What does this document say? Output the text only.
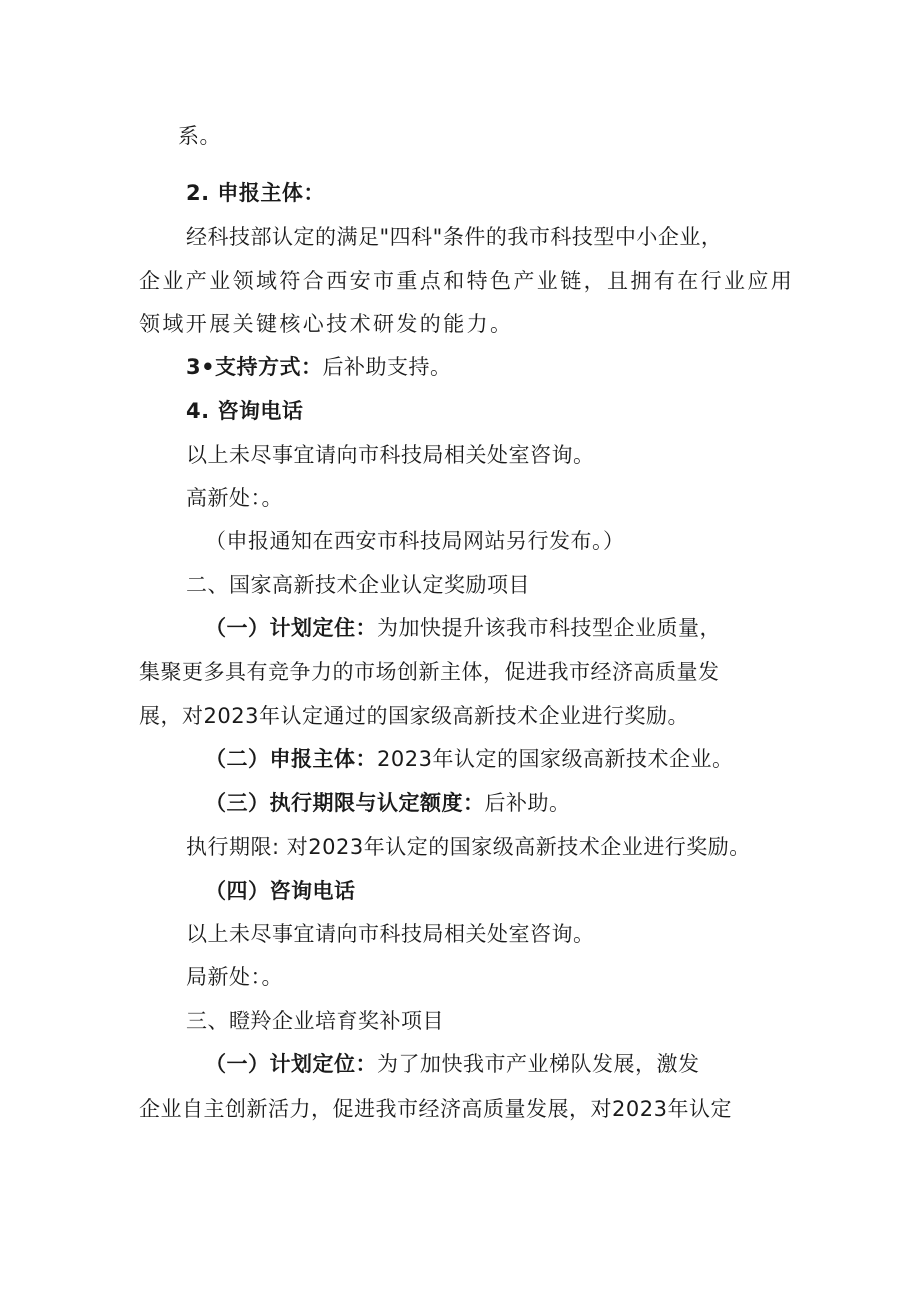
系。
2. 申报主体：
经科技部认定的满足"四科"条件的我市科技型中小企业，
企业产业领域符合西安市重点和特色产业链，且拥有在行业应用
领域开展关键核心技术研发的能力。
3•支持方式：后补助支持。
4. 咨询电话
以上未尽事宜请向市科技局相关处室咨询。
高新处：。
（申报通知在西安市科技局网站另行发布。）
二、国家高新技术企业认定奖励项目
（一）计划定住：为加快提升该我市科技型企业质量，
集聚更多具有竞争力的市场创新主体，促进我市经济高质量发
展，对2023年认定通过的国家级高新技术企业进行奖励。
（二）申报主体：2023年认定的国家级高新技术企业。
（三）执行期限与认定额度：后补助。
执行期限: 对2023年认定的国家级高新技术企业进行奖励。
（四）咨询电话
以上未尽事宜请向市科技局相关处室咨询。
局新处：。
三、瞪羚企业培育奖补项目
（一）计划定位：为了加快我市产业梯队发展，激发
企业自主创新活力，促进我市经济高质量发展，对2023年认定
